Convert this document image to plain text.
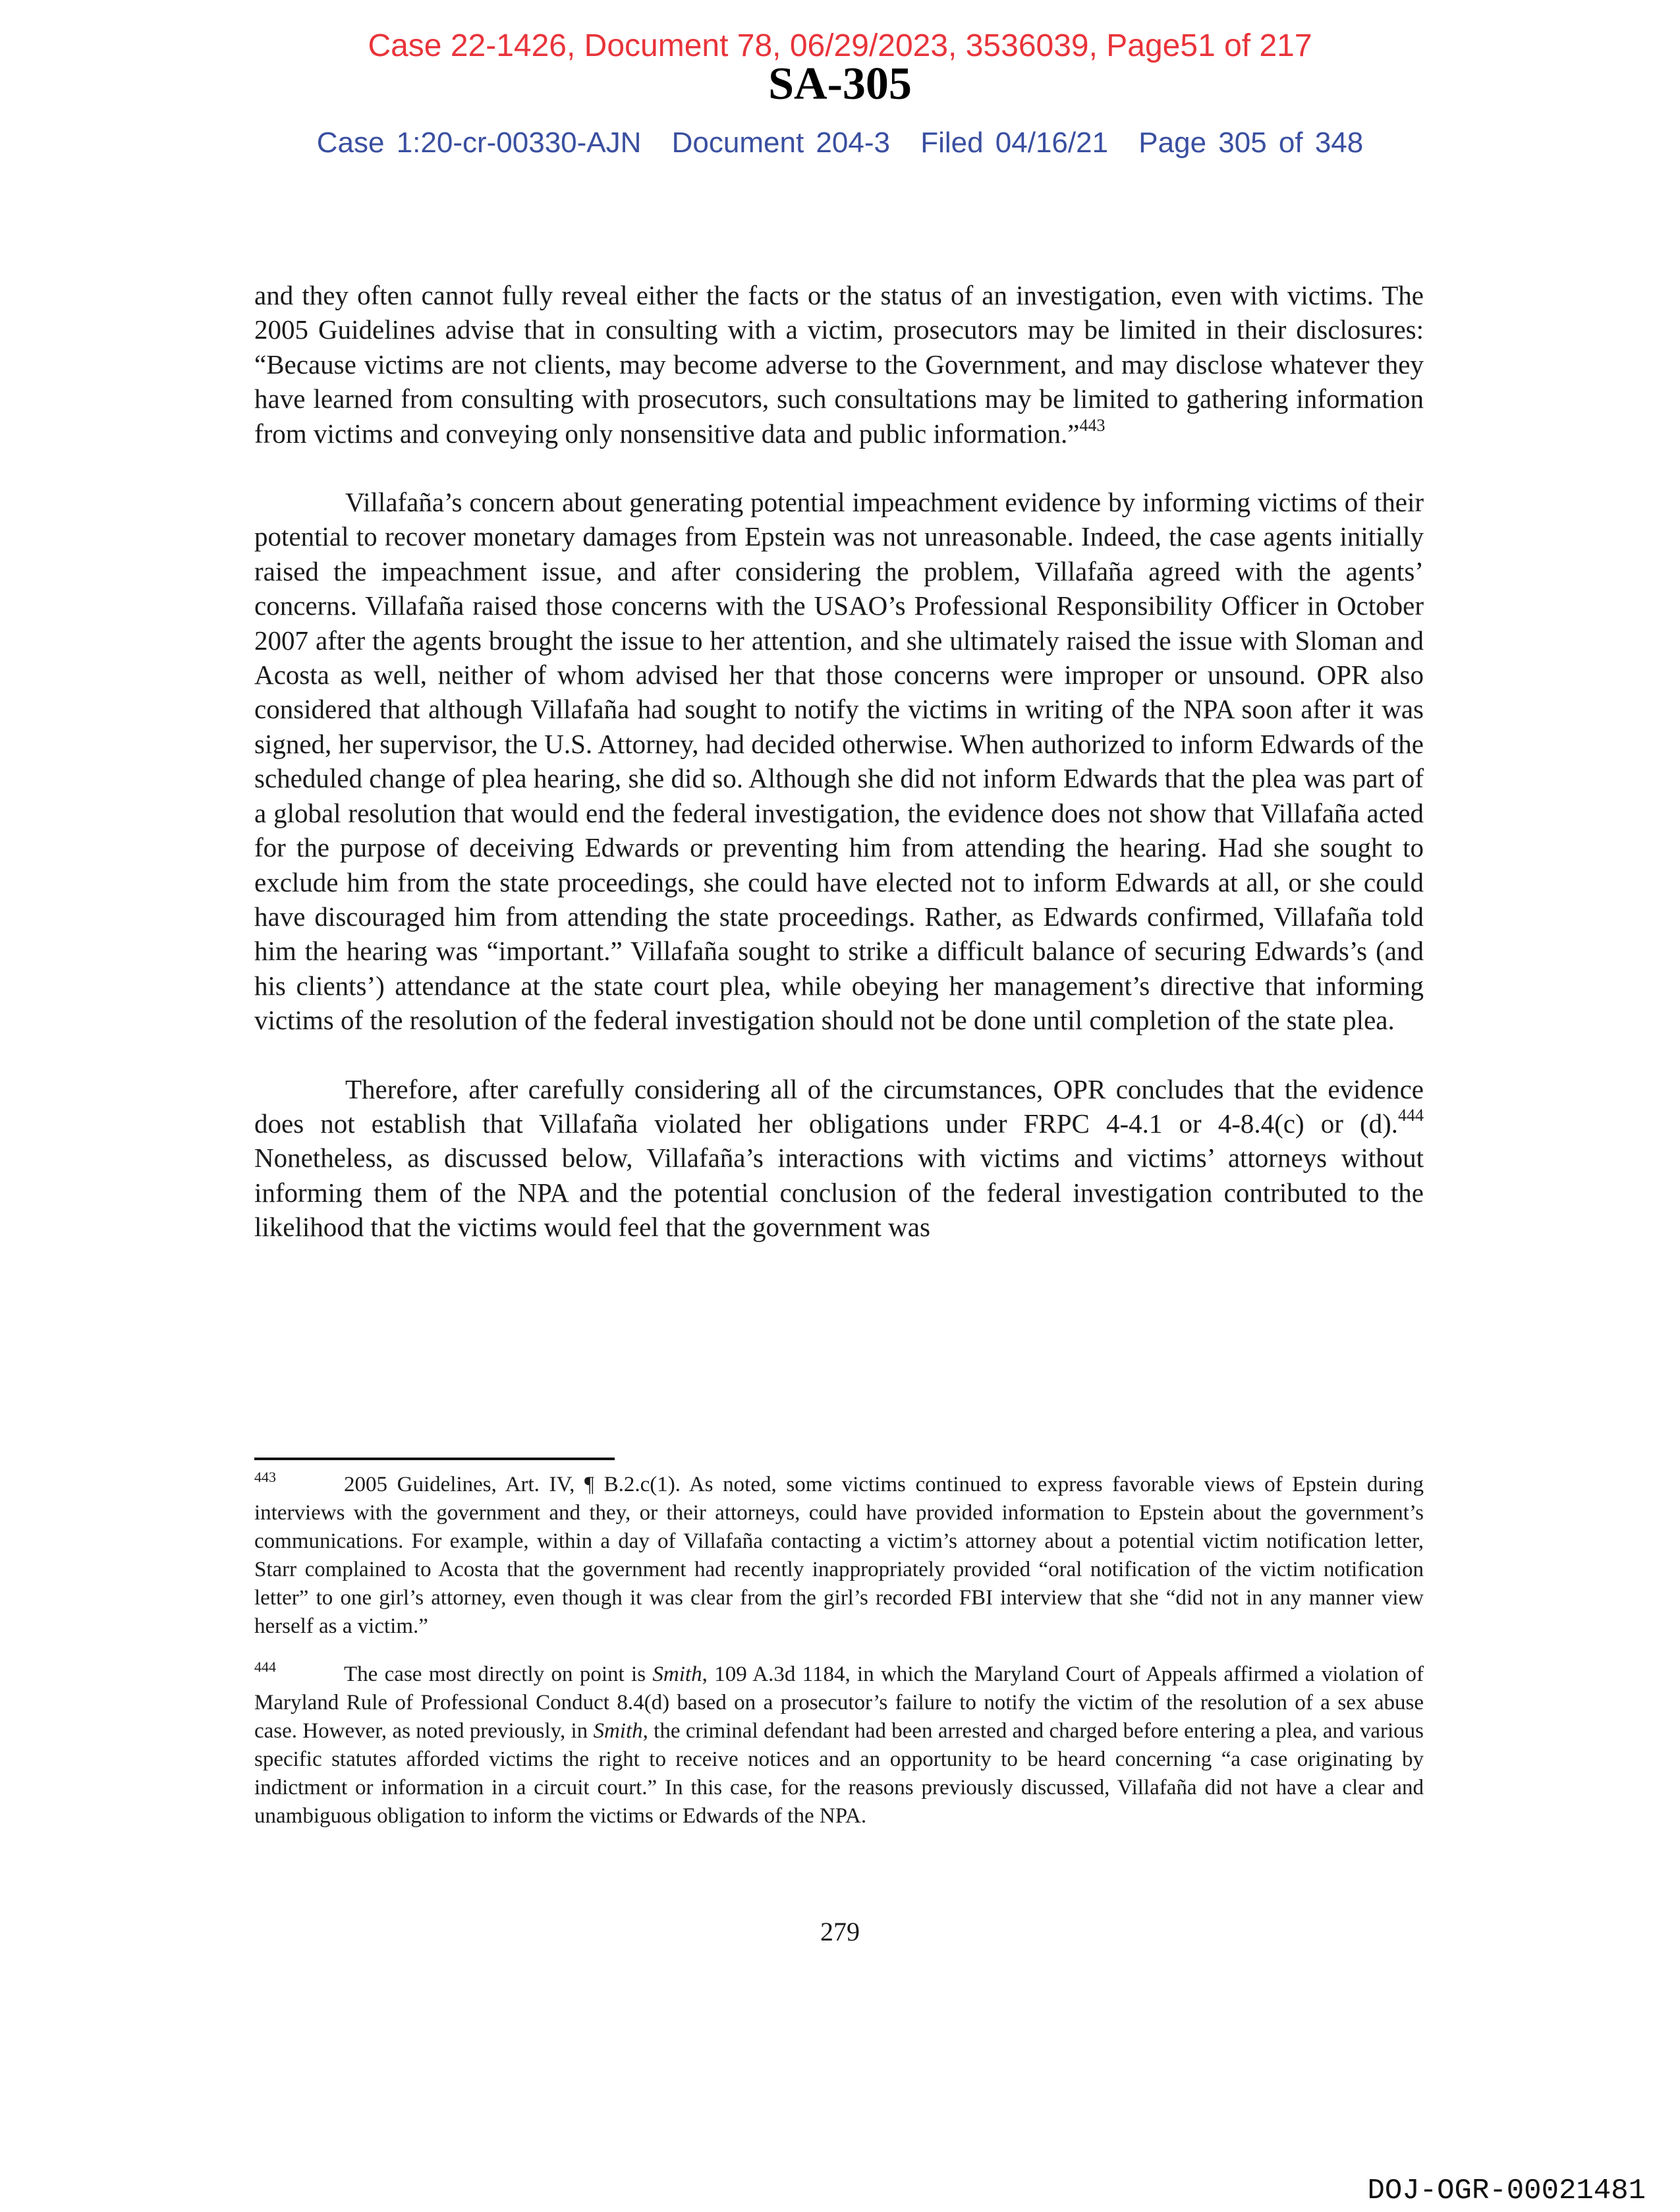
Case 22-1426, Document 78, 06/29/2023, 3536039, Page51 of 217
SA-305
Case 1:20-cr-00330-AJN Document 204-3 Filed 04/16/21 Page 305 of 348

and they often cannot fully reveal either the facts or the status of an investigation, even with victims. The 2005 Guidelines advise that in consulting with a victim, prosecutors may be limited in their disclosures: “Because victims are not clients, may become adverse to the Government, and may disclose whatever they have learned from consulting with prosecutors, such consultations may be limited to gathering information from victims and conveying only nonsensitive data and public information.”$^{443}$

Villafaña’s concern about generating potential impeachment evidence by informing victims of their potential to recover monetary damages from Epstein was not unreasonable. Indeed, the case agents initially raised the impeachment issue, and after considering the problem, Villafaña agreed with the agents’ concerns. Villafaña raised those concerns with the USAO’s Professional Responsibility Officer in October 2007 after the agents brought the issue to her attention, and she ultimately raised the issue with Sloman and Acosta as well, neither of whom advised her that those concerns were improper or unsound. OPR also considered that although Villafaña had sought to notify the victims in writing of the NPA soon after it was signed, her supervisor, the U.S. Attorney, had decided otherwise. When authorized to inform Edwards of the scheduled change of plea hearing, she did so. Although she did not inform Edwards that the plea was part of a global resolution that would end the federal investigation, the evidence does not show that Villafaña acted for the purpose of deceiving Edwards or preventing him from attending the hearing. Had she sought to exclude him from the state proceedings, she could have elected not to inform Edwards at all, or she could have discouraged him from attending the state proceedings. Rather, as Edwards confirmed, Villafaña told him the hearing was “important.” Villafaña sought to strike a difficult balance of securing Edwards’s (and his clients’) attendance at the state court plea, while obeying her management’s directive that informing victims of the resolution of the federal investigation should not be done until completion of the state plea.

Therefore, after carefully considering all of the circumstances, OPR concludes that the evidence does not establish that Villafaña violated her obligations under FRPC 4-4.1 or 4-8.4(c) or (d).$^{444}$ Nonetheless, as discussed below, Villafaña’s interactions with victims and victims’ attorneys without informing them of the NPA and the potential conclusion of the federal investigation contributed to the likelihood that the victims would feel that the government was

443	2005 Guidelines, Art. IV, ¶ B.2.c(1). As noted, some victims continued to express favorable views of Epstein during interviews with the government and they, or their attorneys, could have provided information to Epstein about the government’s communications. For example, within a day of Villafaña contacting a victim’s attorney about a potential victim notification letter, Starr complained to Acosta that the government had recently inappropriately provided “oral notification of the victim notification letter” to one girl’s attorney, even though it was clear from the girl’s recorded FBI interview that she “did not in any manner view herself as a victim.”
444	The case most directly on point is Smith, 109 A.3d 1184, in which the Maryland Court of Appeals affirmed a violation of Maryland Rule of Professional Conduct 8.4(d) based on a prosecutor’s failure to notify the victim of the resolution of a sex abuse case. However, as noted previously, in Smith, the criminal defendant had been arrested and charged before entering a plea, and various specific statutes afforded victims the right to receive notices and an opportunity to be heard concerning “a case originating by indictment or information in a circuit court.” In this case, for the reasons previously discussed, Villafaña did not have a clear and unambiguous obligation to inform the victims or Edwards of the NPA.
279
DOJ-OGR-00021481
